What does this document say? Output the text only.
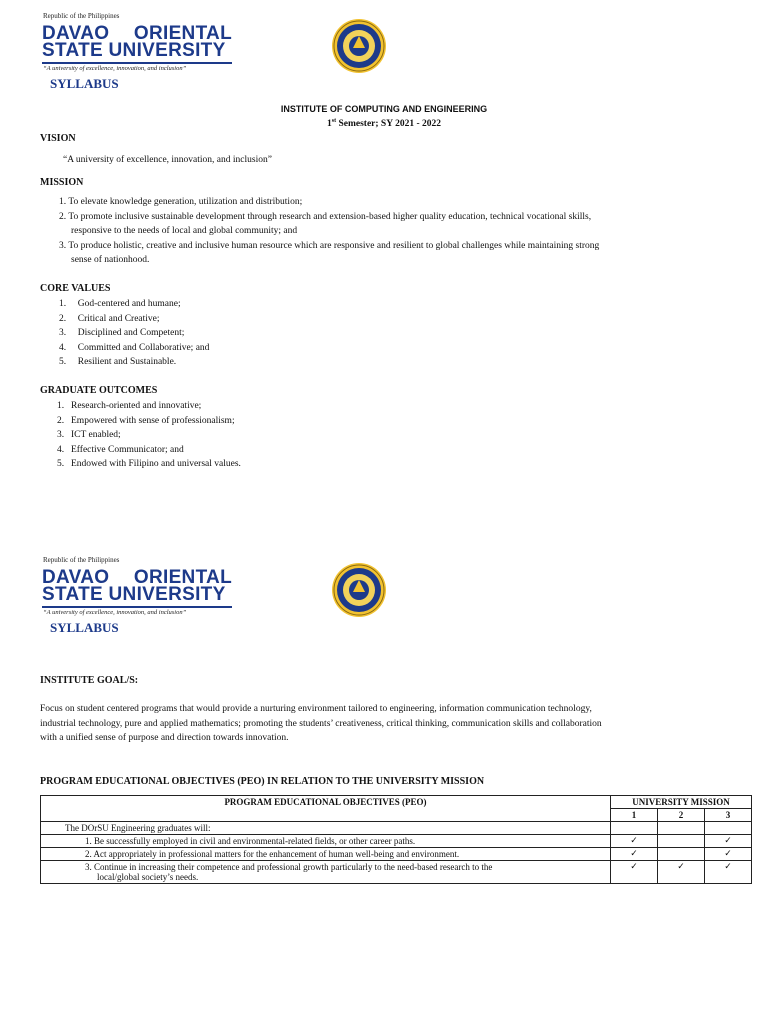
Republic of the Philippines
DAVAO ORIENTAL
STATE UNIVERSITY
“A university of excellence, innovation, and inclusion”
SYLLABUS
INSTITUTE OF COMPUTING AND ENGINEERING
1st Semester; SY 2021 - 2022
VISION
“A university of excellence, innovation, and inclusion”
MISSION
1. To elevate knowledge generation, utilization and distribution;
2. To promote inclusive sustainable development through research and extension-based higher quality education, technical vocational skills,
responsive to the needs of local and global community; and
3. To produce holistic, creative and inclusive human resource which are responsive and resilient to global challenges while maintaining strong
sense of nationhood.
CORE VALUES
1. God-centered and humane;
2. Critical and Creative;
3. Disciplined and Competent;
4. Committed and Collaborative; and
5. Resilient and Sustainable.
GRADUATE OUTCOMES
1. Research-oriented and innovative;
2. Empowered with sense of professionalism;
3. ICT enabled;
4. Effective Communicator; and
5. Endowed with Filipino and universal values.
Republic of the Philippines
DAVAO ORIENTAL
STATE UNIVERSITY
“A university of excellence, innovation, and inclusion”
SYLLABUS
INSTITUTE GOAL/S:
Focus on student centered programs that would provide a nurturing environment tailored to engineering, information communication technology,
industrial technology, pure and applied mathematics; promoting the students’ creativeness, critical thinking, communication skills and collaboration
with a unified sense of purpose and direction towards innovation.
PROGRAM EDUCATIONAL OBJECTIVES (PEO) IN RELATION TO THE UNIVERSITY MISSION
PROGRAM EDUCATIONAL OBJECTIVES (PEO)	UNIVERSITY MISSION		
	1	2	3
The DOrSU Engineering graduates will:			
1. Be successfully employed in civil and environmental-related fields, or other career paths.	✓		✓
2. Act appropriately in professional matters for the enhancement of human well-being and environment.	✓		✓

3. Continue in increasing their competence and professional growth particularly to the need-based research to the
local/global society’s needs.	✓	✓	✓
